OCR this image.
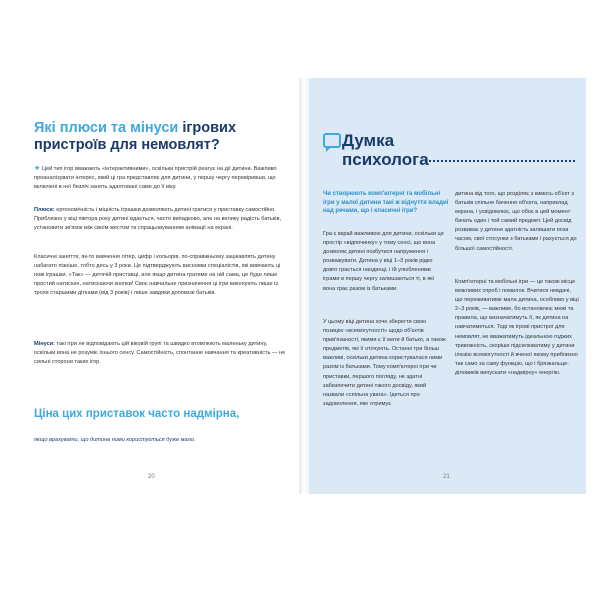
Які плюси та мінуси ігрових пристроїв для немовлят?
★ Цей тип ігор вважають «інтерактивними», оскільки пристрій реагує на дії дитини. Важливо проаналізувати інтерес, який ці гра представляє для дитини, у першу чергу перевіривши, що включені в неї безліч занять адаптовані саме до її віку.
Плюси: ергономічність і міцність іграшки дозволяють дитині гратися у приставку самостійно. Приблизно у віці півтора року дитині вдається, часто випадково, але на велику радість батьків, установити зв'язок між своїм жестом та спрацьовуванням анімації на екрані.
Класичні заняття, як-то вивчення літер, цифр і кольорів, по-справжньому зацікавлять дитину набагато пізніше, тобто десь у 3 роки. Це підтверджують висновки спеціалістів, які вивчають ці нові іграшки. «Так» — дитячій приставці, але якщо дитина гратиме на ній сама, це буде лише простий натискач, натискаючи кнопки! Своє навчальне призначення ці ігри виконують лише із трохи старшими дітками (від 3 років) і лише завдяки допомозі батьків.
Мінуси: такі ігри не відповідають цій віковій групі та швидко втомлюють маленьку дитину, оскільки вона не розуміє їхнього сенсу. Самостійність, спонтанне навчання та креативність — не сильні сторони таких ігор.
Ціна цих приставок часто надмірна,
якщо врахувати, що дитина ними користується дуже мало.
20
Думка
психолога
Чи створюють комп'ютерні та мобільні ігри у малої дитини такі ж відчуття владиі над речами, що і класичні ігри?
Гра є вкрай важливою для дитини, оскільки це простір «відпочинку» у тому сенсі, що вона дозволяє дитині позбутися напруження і розважувати. Дитина у віці 1–3 років рідко довго грається наодинці, і їй улюбленими іграми в першу чергу залишаються ті, в які вона грає разом із батьками.
У цьому віці дитина хоче зберегти свою позицію «всемогутності» щодо об'єктів прив'язаності, якими є її мати й батько, а також предметів, які її оточують. Останні три більш важливі, оскільки дитина користувалася ними разом із батьками. Тому комп'ютерні ігри чи приставки, першого погляду, не здатні забезпечити дитині такого досвіду, який назвали «спільна увага». Ідеться про задоволення, яке отримує
дитина від того, що розділяє з кимось об'єкт з батьків спільне бачення об'єкта, наприклад екрана, і усвідомлює, що обоє в цей момент бачать один і той самий предмет. Цей досвід розвиває у дитини здатність залишати поза часом, свої стосунки з батьками і рахується до більшої самостійності.
Комп'ютерні та мобільні ігри — це також місце можливих спроб і помилок. Вчитися невдачі, що переживатиме мала дитина, особливо у віці 2–3 років, — важливе, бо встановлює межі та правила, що визначатимуть її, як дитина на навчатиметься. Тоді як ігрові пристрої для немовлят, не вважатимуть ідеальною годжих тривожність, скоріше підсилюватиму у дитини ілюзію всемогутності й вченої якому приблизно так само за саму функцію, що і брязкальце-діловиків випускати «надмірну» енергію.
21
